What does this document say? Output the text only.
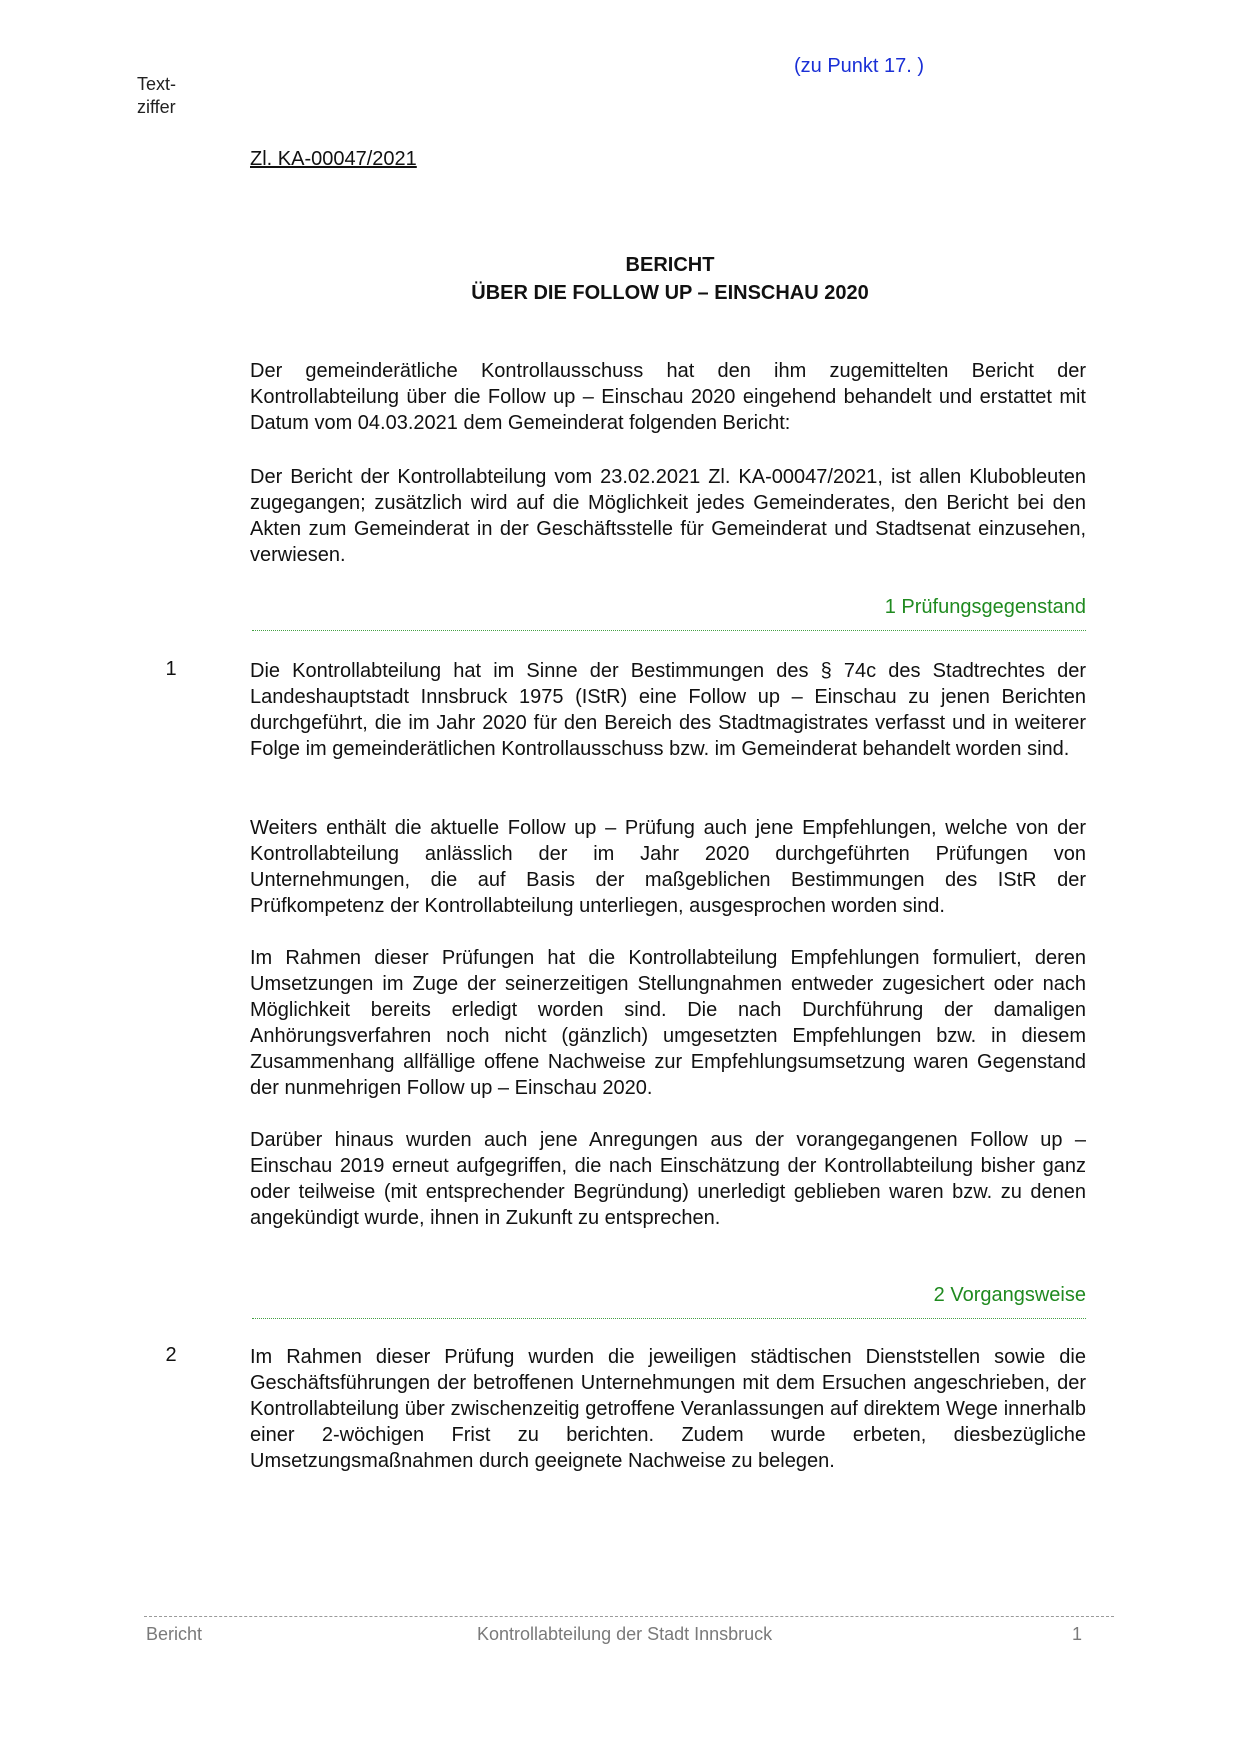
Text-
ziffer
(zu Punkt 17. )
Zl. KA-00047/2021
BERICHT
ÜBER DIE FOLLOW UP – EINSCHAU 2020
Der gemeinderätliche Kontrollausschuss hat den ihm zugemittelten Bericht der Kontrollabteilung über die Follow up – Einschau 2020 eingehend behandelt und erstattet mit Datum vom 04.03.2021 dem Gemeinderat folgenden Bericht:
Der Bericht der Kontrollabteilung vom 23.02.2021 Zl. KA-00047/2021, ist allen Klubobleuten zugegangen; zusätzlich wird auf die Möglichkeit jedes Gemeinderates, den Bericht bei den Akten zum Gemeinderat in der Geschäftsstelle für Gemeinderat und Stadtsenat einzusehen, verwiesen.
1 Prüfungsgegenstand
1	Die Kontrollabteilung hat im Sinne der Bestimmungen des § 74c des Stadtrechtes der Landeshauptstadt Innsbruck 1975 (IStR) eine Follow up – Einschau zu jenen Berichten durchgeführt, die im Jahr 2020 für den Bereich des Stadtmagistrates verfasst und in weiterer Folge im gemeinderätlichen Kontrollausschuss bzw. im Gemeinderat behandelt worden sind.
Weiters enthält die aktuelle Follow up – Prüfung auch jene Empfehlungen, welche von der Kontrollabteilung anlässlich der im Jahr 2020 durchgeführten Prüfungen von Unternehmungen, die auf Basis der maßgeblichen Bestimmungen des IStR der Prüfkompetenz der Kontrollabteilung unterliegen, ausgesprochen worden sind.
Im Rahmen dieser Prüfungen hat die Kontrollabteilung Empfehlungen formuliert, deren Umsetzungen im Zuge der seinerzeitigen Stellungnahmen entweder zugesichert oder nach Möglichkeit bereits erledigt worden sind. Die nach Durchführung der damaligen Anhörungsverfahren noch nicht (gänzlich) umgesetzten Empfehlungen bzw. in diesem Zusammenhang allfällige offene Nachweise zur Empfehlungsumsetzung waren Gegenstand der nunmehrigen Follow up – Einschau 2020.
Darüber hinaus wurden auch jene Anregungen aus der vorangegangenen Follow up – Einschau 2019 erneut aufgegriffen, die nach Einschätzung der Kontrollabteilung bisher ganz oder teilweise (mit entsprechender Begründung) unerledigt geblieben waren bzw. zu denen angekündigt wurde, ihnen in Zukunft zu entsprechen.
2 Vorgangsweise
2	Im Rahmen dieser Prüfung wurden die jeweiligen städtischen Dienststellen sowie die Geschäftsführungen der betroffenen Unternehmungen mit dem Ersuchen angeschrieben, der Kontrollabteilung über zwischenzeitig getroffene Veranlassungen auf direktem Wege innerhalb einer 2-wöchigen Frist zu berichten. Zudem wurde erbeten, diesbezügliche Umsetzungsmaßnahmen durch geeignete Nachweise zu belegen.
Bericht	Kontrollabteilung der Stadt Innsbruck	1
